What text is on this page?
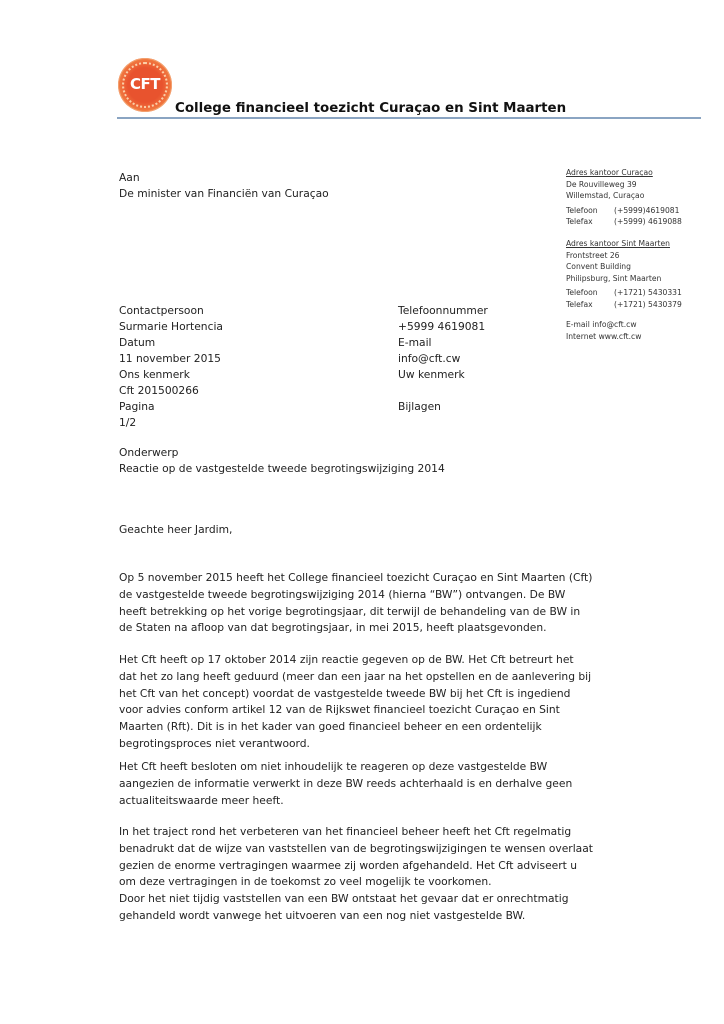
CFT
College financieel toezicht Curaçao en Sint Maarten
Aan
De minister van Financiën van Curaçao
Adres kantoor Curaçao
De Rouvilleweg 39
Willemstad, Curaçao
Telefoon (+5999)4619081
Telefax	(+5999) 4619088
Adres kantoor Sint Maarten
Frontstreet 26
Convent Building
Philipsburg, Sint Maarten
Telefoon (+1721) 5430331
Telefax	(+1721) 5430379
E-mail info@cft.cw
Internet www.cft.cw
Contactpersoon
Surmarie Hortencia
Datum
11 november 2015
Ons kenmerk
Cft 201500266
Pagina
1/2
Telefoonnummer
+5999 4619081
E-mail
info@cft.cw
Uw kenmerk
Bijlagen
Onderwerp
Reactie op de vastgestelde tweede begrotingswijziging 2014
Geachte heer Jardim,
Op 5 november 2015 heeft het College financieel toezicht Curaçao en Sint Maarten (Cft)
de vastgestelde tweede begrotingswijziging 2014 (hierna “BW”) ontvangen. De BW
heeft betrekking op het vorige begrotingsjaar, dit terwijl de behandeling van de BW in
de Staten na afloop van dat begrotingsjaar, in mei 2015, heeft plaatsgevonden.
Het Cft heeft op 17 oktober 2014 zijn reactie gegeven op de BW. Het Cft betreurt het
dat het zo lang heeft geduurd (meer dan een jaar na het opstellen en de aanlevering bij
het Cft van het concept) voordat de vastgestelde tweede BW bij het Cft is ingediend
voor advies conform artikel 12 van de Rijkswet financieel toezicht Curaçao en Sint
Maarten (Rft). Dit is in het kader van goed financieel beheer en een ordentelijk
begrotingsproces niet verantwoord.
Het Cft heeft besloten om niet inhoudelijk te reageren op deze vastgestelde BW
aangezien de informatie verwerkt in deze BW reeds achterhaald is en derhalve geen
actualiteitswaarde meer heeft.
In het traject rond het verbeteren van het financieel beheer heeft het Cft regelmatig
benadrukt dat de wijze van vaststellen van de begrotingswijzigingen te wensen overlaat
gezien de enorme vertragingen waarmee zij worden afgehandeld. Het Cft adviseert u
om deze vertragingen in de toekomst zo veel mogelijk te voorkomen.
Door het niet tijdig vaststellen van een BW ontstaat het gevaar dat er onrechtmatig
gehandeld wordt vanwege het uitvoeren van een nog niet vastgestelde BW.
